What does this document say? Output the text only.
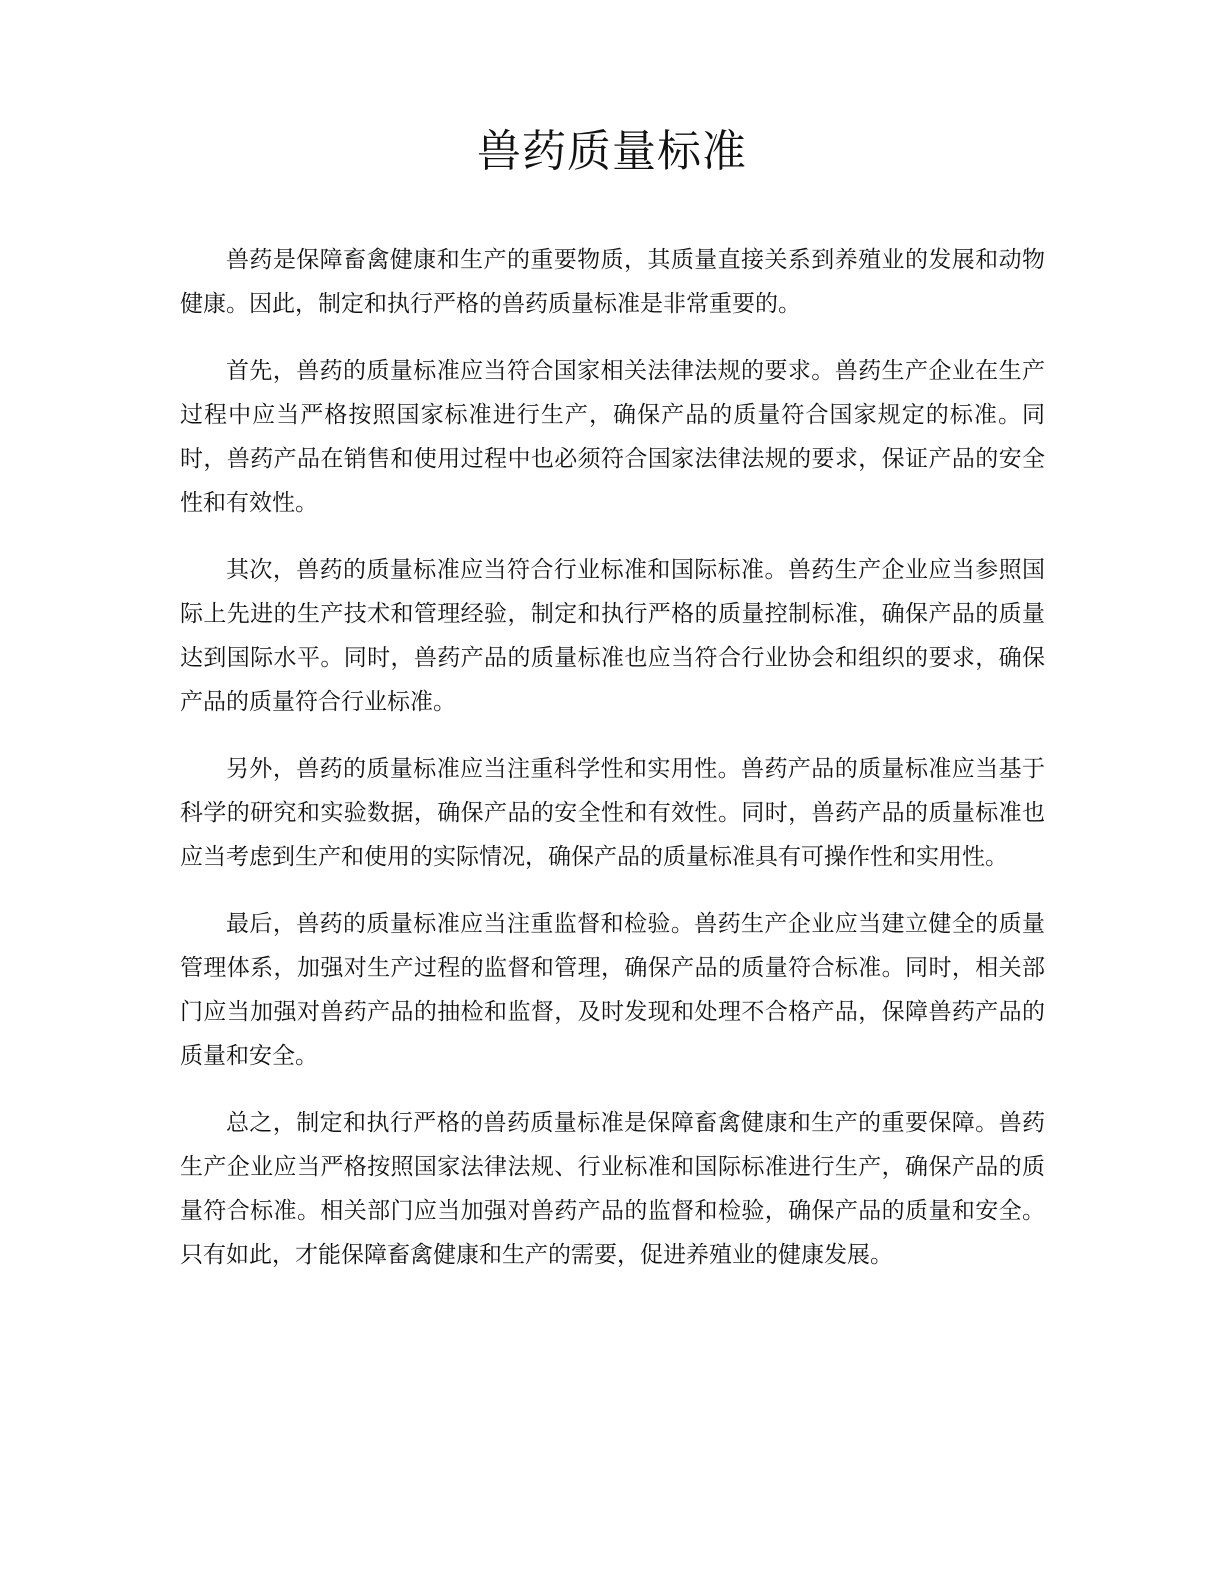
兽药质量标准

兽药是保障畜禽健康和生产的重要物质，其质量直接关系到养殖业的发展和动物健康。因此，制定和执行严格的兽药质量标准是非常重要的。

首先，兽药的质量标准应当符合国家相关法律法规的要求。兽药生产企业在生产过程中应当严格按照国家标准进行生产，确保产品的质量符合国家规定的标准。同时，兽药产品在销售和使用过程中也必须符合国家法律法规的要求，保证产品的安全性和有效性。

其次，兽药的质量标准应当符合行业标准和国际标准。兽药生产企业应当参照国际上先进的生产技术和管理经验，制定和执行严格的质量控制标准，确保产品的质量达到国际水平。同时，兽药产品的质量标准也应当符合行业协会和组织的要求，确保产品的质量符合行业标准。

另外，兽药的质量标准应当注重科学性和实用性。兽药产品的质量标准应当基于科学的研究和实验数据，确保产品的安全性和有效性。同时，兽药产品的质量标准也应当考虑到生产和使用的实际情况，确保产品的质量标准具有可操作性和实用性。

最后，兽药的质量标准应当注重监督和检验。兽药生产企业应当建立健全的质量管理体系，加强对生产过程的监督和管理，确保产品的质量符合标准。同时，相关部门应当加强对兽药产品的抽检和监督，及时发现和处理不合格产品，保障兽药产品的质量和安全。

总之，制定和执行严格的兽药质量标准是保障畜禽健康和生产的重要保障。兽药生产企业应当严格按照国家法律法规、行业标准和国际标准进行生产，确保产品的质量符合标准。相关部门应当加强对兽药产品的监督和检验，确保产品的质量和安全。只有如此，才能保障畜禽健康和生产的需要，促进养殖业的健康发展。
